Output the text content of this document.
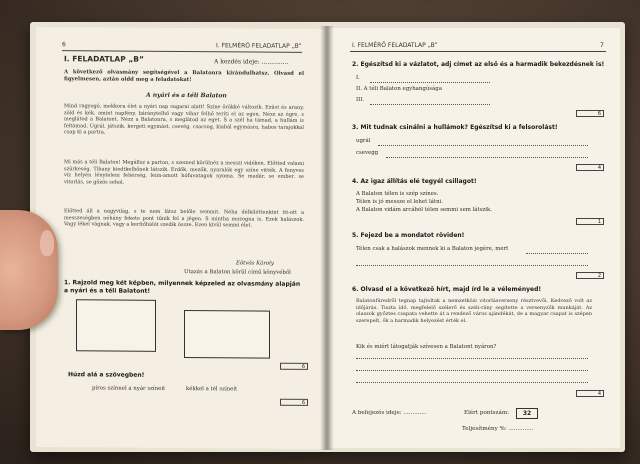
6	I. FELMÉRŐ FELADATLAP „B”
I. FELADATLAP „B”	A kezdés ideje: ..............
A következő olvasmány segítségével a Balatonra kirándulhatsz. Olvasd el figyelmesen, aztán oldd meg a feladatokat!
A nyári és a téli Balaton
Mind ragyogó, mekkora élet a nyári nap sugarai alatt! Színe örökké változik. Ezüst és arany, zöld és kék, amint napfény, báránytelhő vagy vihar felhő teríti el az egen. Nézz az égre, s meglátod a Balatont. Nézz a Balatonra, s meglátod az eget. S a szél ha támad, a hullám is feltámad. Ugrál, játszik, kergeti egymást, csevég, csacsog, kiabál egymásra, habos tarajokkal csap ki a partra.
Mi más a téli Balaton! Megállsz a parton, s szemed körülnéz a messzi vidéken. Előtted valami szürkeség. Tihany kiedtkelhőnek látszik. Erdők, mezők, nyaralók egy színe vitték. A fenyves víz helyén lényteleni fehérség, leim-amott hófuvatagok nyoma. Se madár, se ember, se vitorlás, se gőzös sehol.
Előtted áll a nagyvilág, s te nem látsz belőle semmit. Néha délkilóttenkint itt-ott a messzeségben néhány fekete pont tűnik fel a jégen. S mintha mozogna is. Ezek halászok. Vagy lékel vágnak, vagy a kerítőhálót szedik össze. Ezen kívül semmi élet.
Eötvös Károly
Utazás a Balaton körül című könyvéből
1. Rajzold meg két képben, milyennek képzeled az olvasmány alapján a nyári és a téli Balatont!
6
Húzd alá a szövegben!
piros színnel a nyár színeit	kékkel a tél színeit
6
I. FELMÉRŐ FELADATLAP „B”	7
2. Egészítsd ki a vázlatot, adj címet az első és a harmadik bekezdésnek is!
I.
II. A téli Balaton egyhangúsága
III.
6
3. Mit tudnak csinálni a hullámok? Egészítsd ki a felsorolást!
ugrál
csevegg
4
4. Az igaz állítás elé tegyél csillagot!
A Balaton télen is szép színes.
Télen is jó messze el lehet látni.
A Balaton vidám arcából télen semmi sem látszik.
1
5. Fejezd be a mondatot röviden!
Télen csak a halászok mennek ki a Balaton jegére, mert
2
6. Olvasd el a következő hírt, majd írd le a véleményed!
Balatonfüredről tegnap tajtoltak a nemzetközi vitorlásverseny résztvevői. Kedvező volt az időjárás. Tiszta idő, megfelelő szélerő és széli-rány segítette a versenyzők munkáját. Az olaszok győztes csapata vehette át a rendező város ajándékát, de a magyar csapat is szépen szerepelt, ők a harmadik helyezést érték el.
Kik és miért látogatják szívesen a Balatont nyáron?
4
A befejezés ideje: .............	Elért pontszám:	32
Teljesítmény %: ..............
